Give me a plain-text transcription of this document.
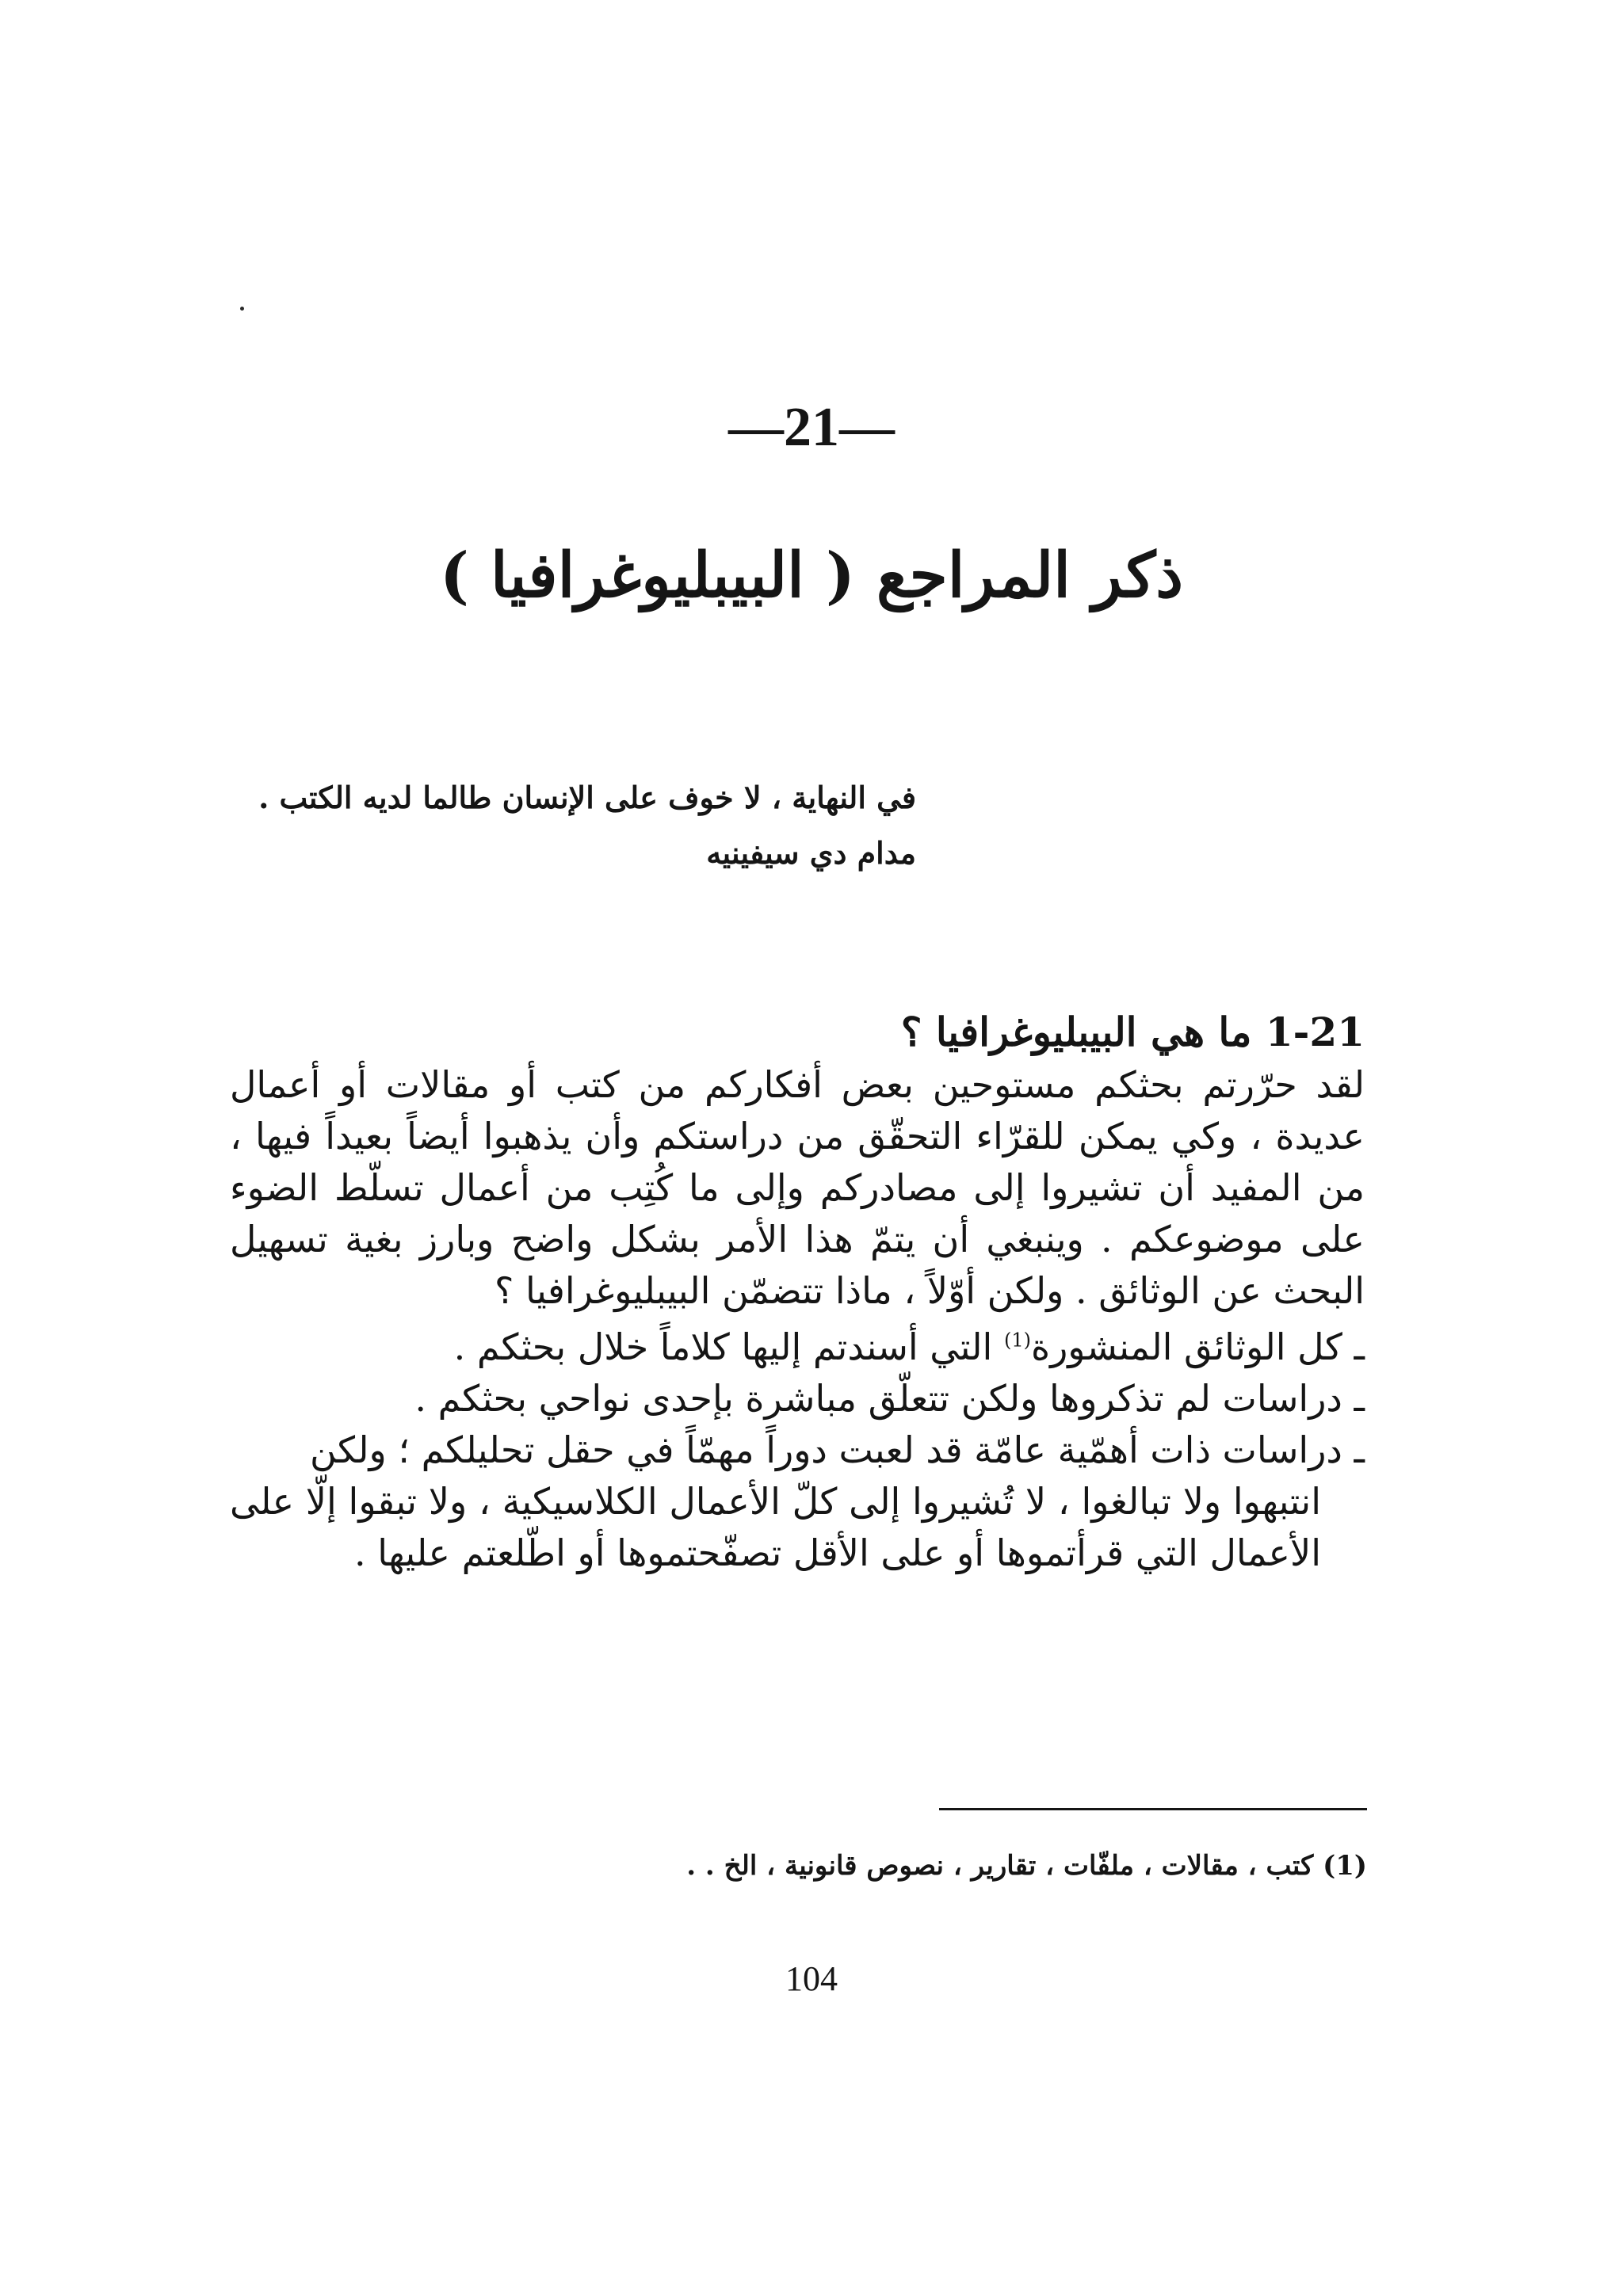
—21—
ذكر المراجع ( البيبليوغرافيا )
في النهاية ، لا خوف على الإنسان طالما لديه الكتب .
مدام دي سيفينيه
1-21 ما هي البيبليوغرافيا ؟

لقد حرّرتم بحثكم مستوحين بعض أفكاركم من كتب أو مقالات أو أعمال عديدة ، وكي يمكن للقرّاء التحقّق من دراستكم وأن يذهبوا أيضاً بعيداً فيها ، من المفيد أن تشيروا إلى مصادركم وإلى ما كُتِب من أعمال تسلّط الضوء على موضوعكم . وينبغي أن يتمّ هذا الأمر بشكل واضح وبارز بغية تسهيل البحث عن الوثائق . ولكن أوّلاً ، ماذا تتضمّن البيبليوغرافيا ؟

ـ كل الوثائق المنشورة$^{(1)}$ التي أسندتم إليها كلاماً خلال بحثكم .
ـ دراسات لم تذكروها ولكن تتعلّق مباشرة بإحدى نواحي بحثكم .
ـ دراسات ذات أهمّية عامّة قد لعبت دوراً مهمّاً في حقل تحليلكم ؛ ولكن
انتبهوا ولا تبالغوا ، لا تُشيروا إلى كلّ الأعمال الكلاسيكية ، ولا تبقوا إلّا على الأعمال التي قرأتموها أو على الأقل تصفّحتموها أو اطّلعتم عليها .
(1) كتب ، مقالات ، ملفّات ، تقارير ، نصوص قانونية ، الخ . .
104
